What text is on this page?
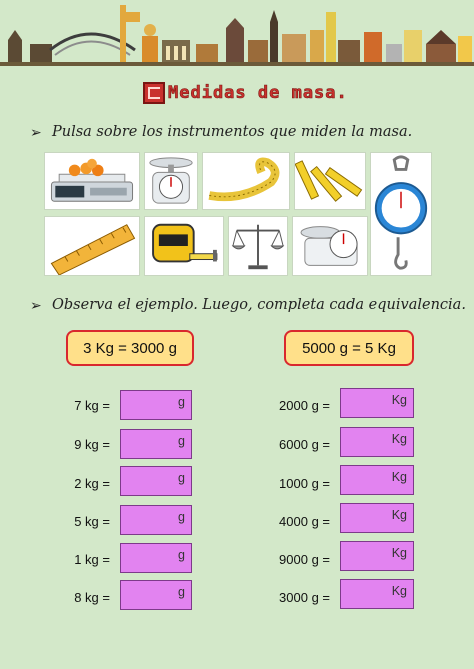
Medidas de masa.
➢ Pulsa sobre los instrumentos que miden la masa.
➢ Observa el ejemplo. Luego, completa cada equivalencia.
3 Kg = 3000 g	5000 g = 5 Kg
7 kg =	g
9 kg =	g
2 kg =	g
5 kg =	g
1 kg =	g
8 kg =	g
2000 g =	Kg
6000 g =	Kg
1000 g =	Kg
4000 g =	Kg
9000 g =	Kg
3000 g =	Kg
